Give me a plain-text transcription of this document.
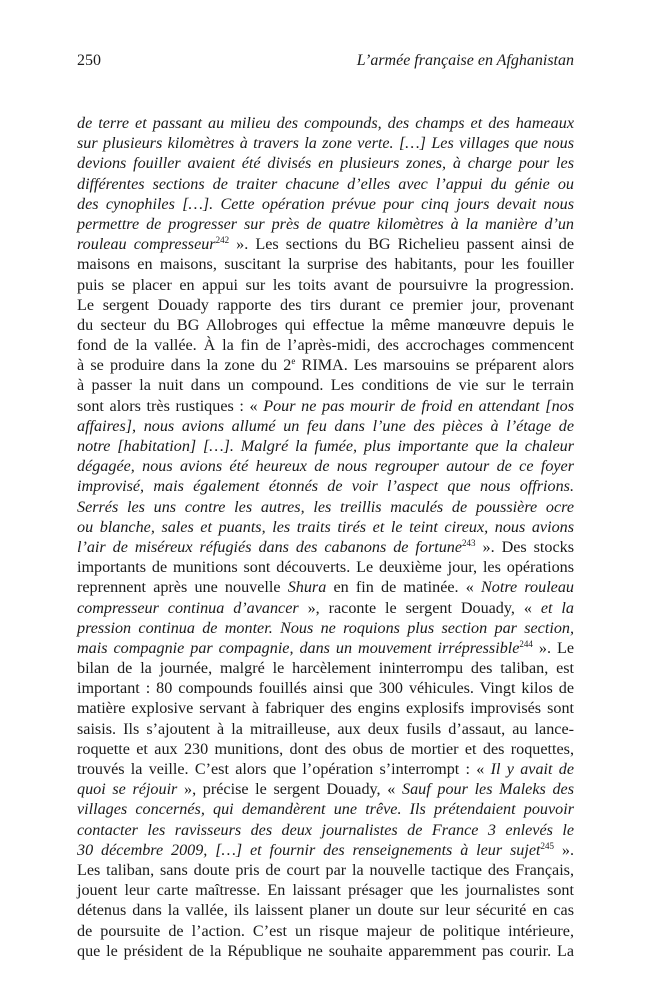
250	L’armée française en Afghanistan
de terre et passant au milieu des compounds, des champs et des hameaux
sur plusieurs kilomètres à travers la zone verte. […] Les villages que nous
devions fouiller avaient été divisés en plusieurs zones, à charge pour les
différentes sections de traiter chacune d’elles avec l’appui du génie ou
des cynophiles […]. Cette opération prévue pour cinq jours devait nous
permettre de progresser sur près de quatre kilomètres à la manière d’un
rouleau compresseur$^{242}$ ». Les sections du BG Richelieu passent ainsi de
maisons en maisons, suscitant la surprise des habitants, pour les fouiller
puis se placer en appui sur les toits avant de poursuivre la progression.
Le sergent Douady rapporte des tirs durant ce premier jour, provenant
du secteur du BG Allobroges qui effectue la même manœuvre depuis le
fond de la vallée. À la fin de l’après-midi, des accrochages commencent
à se produire dans la zone du 2e RIMA. Les marsouins se préparent alors
à passer la nuit dans un compound. Les conditions de vie sur le terrain
sont alors très rustiques : « Pour ne pas mourir de froid en attendant [nos
affaires], nous avions allumé un feu dans l’une des pièces à l’étage de
notre [habitation] […]. Malgré la fumée, plus importante que la chaleur
dégagée, nous avions été heureux de nous regrouper autour de ce foyer
improvisé, mais également étonnés de voir l’aspect que nous offrions.
Serrés les uns contre les autres, les treillis maculés de poussière ocre
ou blanche, sales et puants, les traits tirés et le teint cireux, nous avions
l’air de miséreux réfugiés dans des cabanons de fortune$^{243}$ ». Des stocks
importants de munitions sont découverts. Le deuxième jour, les opérations
reprennent après une nouvelle Shura en fin de matinée. « Notre rouleau
compresseur continua d’avancer », raconte le sergent Douady, « et la
pression continua de monter. Nous ne roquions plus section par section,
mais compagnie par compagnie, dans un mouvement irrépressible$^{244}$ ». Le
bilan de la journée, malgré le harcèlement ininterrompu des taliban, est
important : 80 compounds fouillés ainsi que 300 véhicules. Vingt kilos de
matière explosive servant à fabriquer des engins explosifs improvisés sont
saisis. Ils s’ajoutent à la mitrailleuse, aux deux fusils d’assaut, au lance-
roquette et aux 230 munitions, dont des obus de mortier et des roquettes,
trouvés la veille. C’est alors que l’opération s’interrompt : « Il y avait de
quoi se réjouir », précise le sergent Douady, « Sauf pour les Maleks des
villages concernés, qui demandèrent une trêve. Ils prétendaient pouvoir
contacter les ravisseurs des deux journalistes de France 3 enlevés le
30 décembre 2009, […] et fournir des renseignements à leur sujet$^{245}$ ».
Les taliban, sans doute pris de court par la nouvelle tactique des Français,
jouent leur carte maîtresse. En laissant présager que les journalistes sont
détenus dans la vallée, ils laissent planer un doute sur leur sécurité en cas
de poursuite de l’action. C’est un risque majeur de politique intérieure,
que le président de la République ne souhaite apparemment pas courir. La
